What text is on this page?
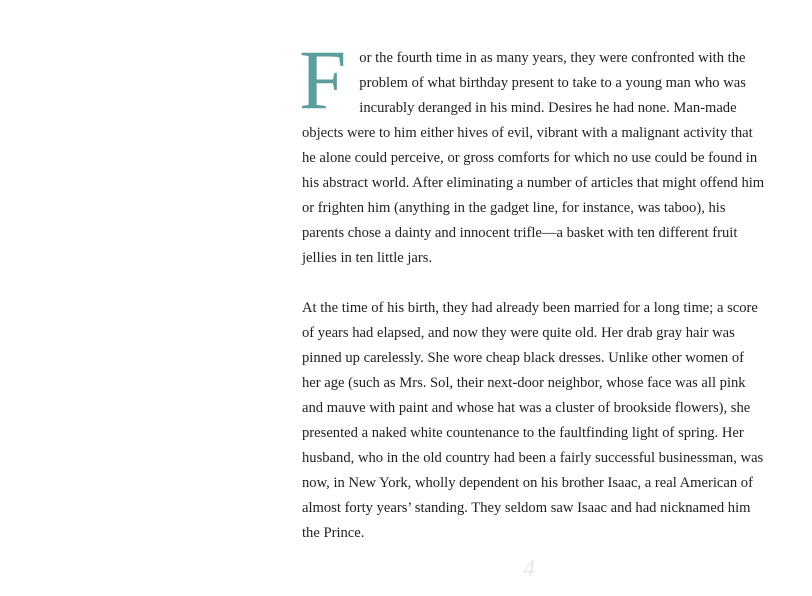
For the fourth time in as many years, they were confronted with the problem of what birthday present to take to a young man who was incurably deranged in his mind. Desires he had none. Man-made objects were to him either hives of evil, vibrant with a malignant activity that he alone could perceive, or gross comforts for which no use could be found in his abstract world. After eliminating a number of articles that might offend him or frighten him (anything in the gadget line, for instance, was taboo), his parents chose a dainty and innocent trifle—a basket with ten different fruit jellies in ten little jars.

At the time of his birth, they had already been married for a long time; a score of years had elapsed, and now they were quite old. Her drab gray hair was pinned up carelessly. She wore cheap black dresses. Unlike other women of her age (such as Mrs. Sol, their next-door neighbor, whose face was all pink and mauve with paint and whose hat was a cluster of brookside flowers), she presented a naked white countenance to the faultfinding light of spring. Her husband, who in the old country had been a fairly successful businessman, was now, in New York, wholly dependent on his brother Isaac, a real American of almost forty years’ standing. They seldom saw Isaac and had nicknamed him the Prince.

4
